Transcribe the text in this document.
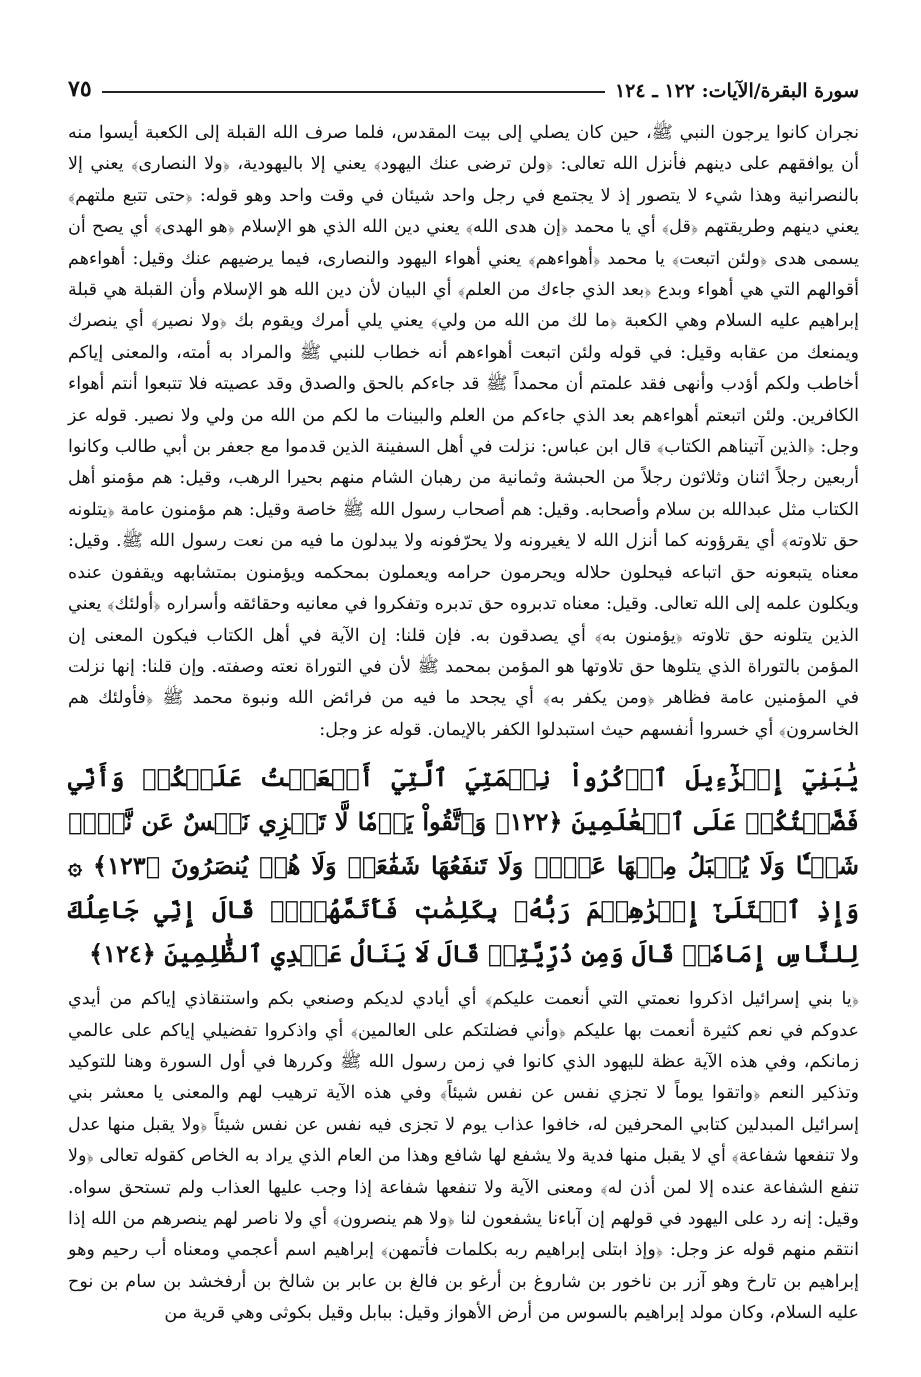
سورة البقرة/الآيات: ١٢٢ ـ ١٢٤
٧٥

نجران كانوا يرجون النبي ﷺ، حين كان يصلي إلى بيت المقدس، فلما صرف الله القبلة إلى الكعبة أيسوا منه أن يوافقهم على دينهم فأنزل الله تعالى: ﴿ولن ترضى عنك اليهود﴾ يعني إلا باليهودية، ﴿ولا النصارى﴾ يعني إلا بالنصرانية وهذا شيء لا يتصور إذ لا يجتمع في رجل واحد شيئان في وقت واحد وهو قوله: ﴿حتى تتبع ملتهم﴾ يعني دينهم وطريقتهم ﴿قل﴾ أي يا محمد ﴿إن هدى الله﴾ يعني دين الله الذي هو الإسلام ﴿هو الهدى﴾ أي يصح أن يسمى هدى ﴿ولئن اتبعت﴾ يا محمد ﴿أهواءهم﴾ يعني أهواء اليهود والنصارى، فيما يرضيهم عنك وقيل: أهواءهم أقوالهم التي هي أهواء وبدع ﴿بعد الذي جاءك من العلم﴾ أي البيان لأن دين الله هو الإسلام وأن القبلة هي قبلة إبراهيم عليه السلام وهي الكعبة ﴿ما لك من الله من ولي﴾ يعني يلي أمرك ويقوم بك ﴿ولا نصير﴾ أي ينصرك ويمنعك من عقابه وقيل: في قوله ولئن اتبعت أهواءهم أنه خطاب للنبي ﷺ والمراد به أمته، والمعنى إياكم أخاطب ولكم أؤدب وأنهى فقد علمتم أن محمداً ﷺ قد جاءكم بالحق والصدق وقد عصيته فلا تتبعوا أنتم أهواء الكافرين. ولئن اتبعتم أهواءهم بعد الذي جاءكم من العلم والبينات ما لكم من الله من ولي ولا نصير. قوله عز وجل: ﴿الذين آتيناهم الكتاب﴾ قال ابن عباس: نزلت في أهل السفينة الذين قدموا مع جعفر بن أبي طالب وكانوا أربعين رجلاً اثنان وثلاثون رجلاً من الحبشة وثمانية من رهبان الشام منهم بحيرا الرهب، وقيل: هم مؤمنو أهل الكتاب مثل عبدالله بن سلام وأصحابه. وقيل: هم أصحاب رسول الله ﷺ خاصة وقيل: هم مؤمنون عامة ﴿يتلونه حق تلاوته﴾ أي يقرؤونه كما أنزل الله لا يغيرونه ولا يحرّفونه ولا يبدلون ما فيه من نعت رسول الله ﷺ. وقيل: معناه يتبعونه حق اتباعه فيحلون حلاله ويحرمون حرامه ويعملون بمحكمه ويؤمنون بمتشابهه ويقفون عنده ويكلون علمه إلى الله تعالى. وقيل: معناه تدبروه حق تدبره وتفكروا في معانيه وحقائقه وأسراره ﴿أولئك﴾ يعني الذين يتلونه حق تلاوته ﴿يؤمنون به﴾ أي يصدقون به. فإن قلنا: إن الآية في أهل الكتاب فيكون المعنى إن المؤمن بالتوراة الذي يتلوها حق تلاوتها هو المؤمن بمحمد ﷺ لأن في التوراة نعته وصفته. وإن قلنا: إنها نزلت في المؤمنين عامة فظاهر ﴿ومن يكفر به﴾ أي يجحد ما فيه من فرائض الله ونبوة محمد ﷺ ﴿فأولئك هم الخاسرون﴾ أي خسروا أنفسهم حيث استبدلوا الكفر بالإيمان. قوله عز وجل:

يَٰبَنِيٓ إِسۡرَٰٓءِيلَ ٱذۡكُرُواْ نِعۡمَتِيَ ٱلَّتِيٓ أَنۡعَمۡتُ عَلَيۡكُمۡ وَأَنِّي فَضَّلۡتُكُمۡ عَلَى ٱلۡعَٰلَمِينَ ﴿١٢٢﴾ وَٱتَّقُواْ يَوۡمٗا لَّا تَجۡزِي نَفۡسٌ عَن نَّفۡسٖ شَيۡـٔٗا وَلَا يُقۡبَلُ مِنۡهَا عَدۡلٞ وَلَا تَنفَعُهَا شَفَٰعَةٞ وَلَا هُمۡ يُنصَرُونَ ﴿١٢٣﴾ ۞ وَإِذِ ٱبۡتَلَىٰٓ إِبۡرَٰهِـۧمَ رَبُّهُۥ بِكَلِمَٰتٖ فَأَتَمَّهُنَّۖ قَالَ إِنِّي جَاعِلُكَ لِلنَّاسِ إِمَامٗاۖ قَالَ وَمِن ذُرِّيَّتِيۖ قَالَ لَا يَنَالُ عَهۡدِي ٱلظَّٰلِمِينَ ﴿١٢٤﴾

﴿يا بني إسرائيل اذكروا نعمتي التي أنعمت عليكم﴾ أي أيادي لديكم وصنعي بكم واستنقاذي إياكم من أيدي عدوكم في نعم كثيرة أنعمت بها عليكم ﴿وأني فضلتكم على العالمين﴾ أي واذكروا تفضيلي إياكم على عالمي زمانكم، وفي هذه الآية عظة لليهود الذي كانوا في زمن رسول الله ﷺ وكررها في أول السورة وهنا للتوكيد وتذكير النعم ﴿واتقوا يوماً لا تجزي نفس عن نفس شيئاً﴾ وفي هذه الآية ترهيب لهم والمعنى يا معشر بني إسرائيل المبدلين كتابي المحرفين له، خافوا عذاب يوم لا تجزى فيه نفس عن نفس شيئاً ﴿ولا يقبل منها عدل ولا تنفعها شفاعة﴾ أي لا يقبل منها فدية ولا يشفع لها شافع وهذا من العام الذي يراد به الخاص كقوله تعالى ﴿ولا تنفع الشفاعة عنده إلا لمن أذن له﴾ ومعنى الآية ولا تنفعها شفاعة إذا وجب عليها العذاب ولم تستحق سواه. وقيل: إنه رد على اليهود في قولهم إن آباءنا يشفعون لنا ﴿ولا هم ينصرون﴾ أي ولا ناصر لهم ينصرهم من الله إذا انتقم منهم قوله عز وجل: ﴿وإذ ابتلى إبراهيم ربه بكلمات فأتمهن﴾ إبراهيم اسم أعجمي ومعناه أب رحيم وهو إبراهيم بن تارخ وهو آزر بن ناخور بن شاروغ بن أرغو بن فالغ بن عابر بن شالخ بن أرفخشد بن سام بن نوح عليه السلام، وكان مولد إبراهيم بالسوس من أرض الأهواز وقيل: ببابل وقيل بكوثى وهي قرية من
